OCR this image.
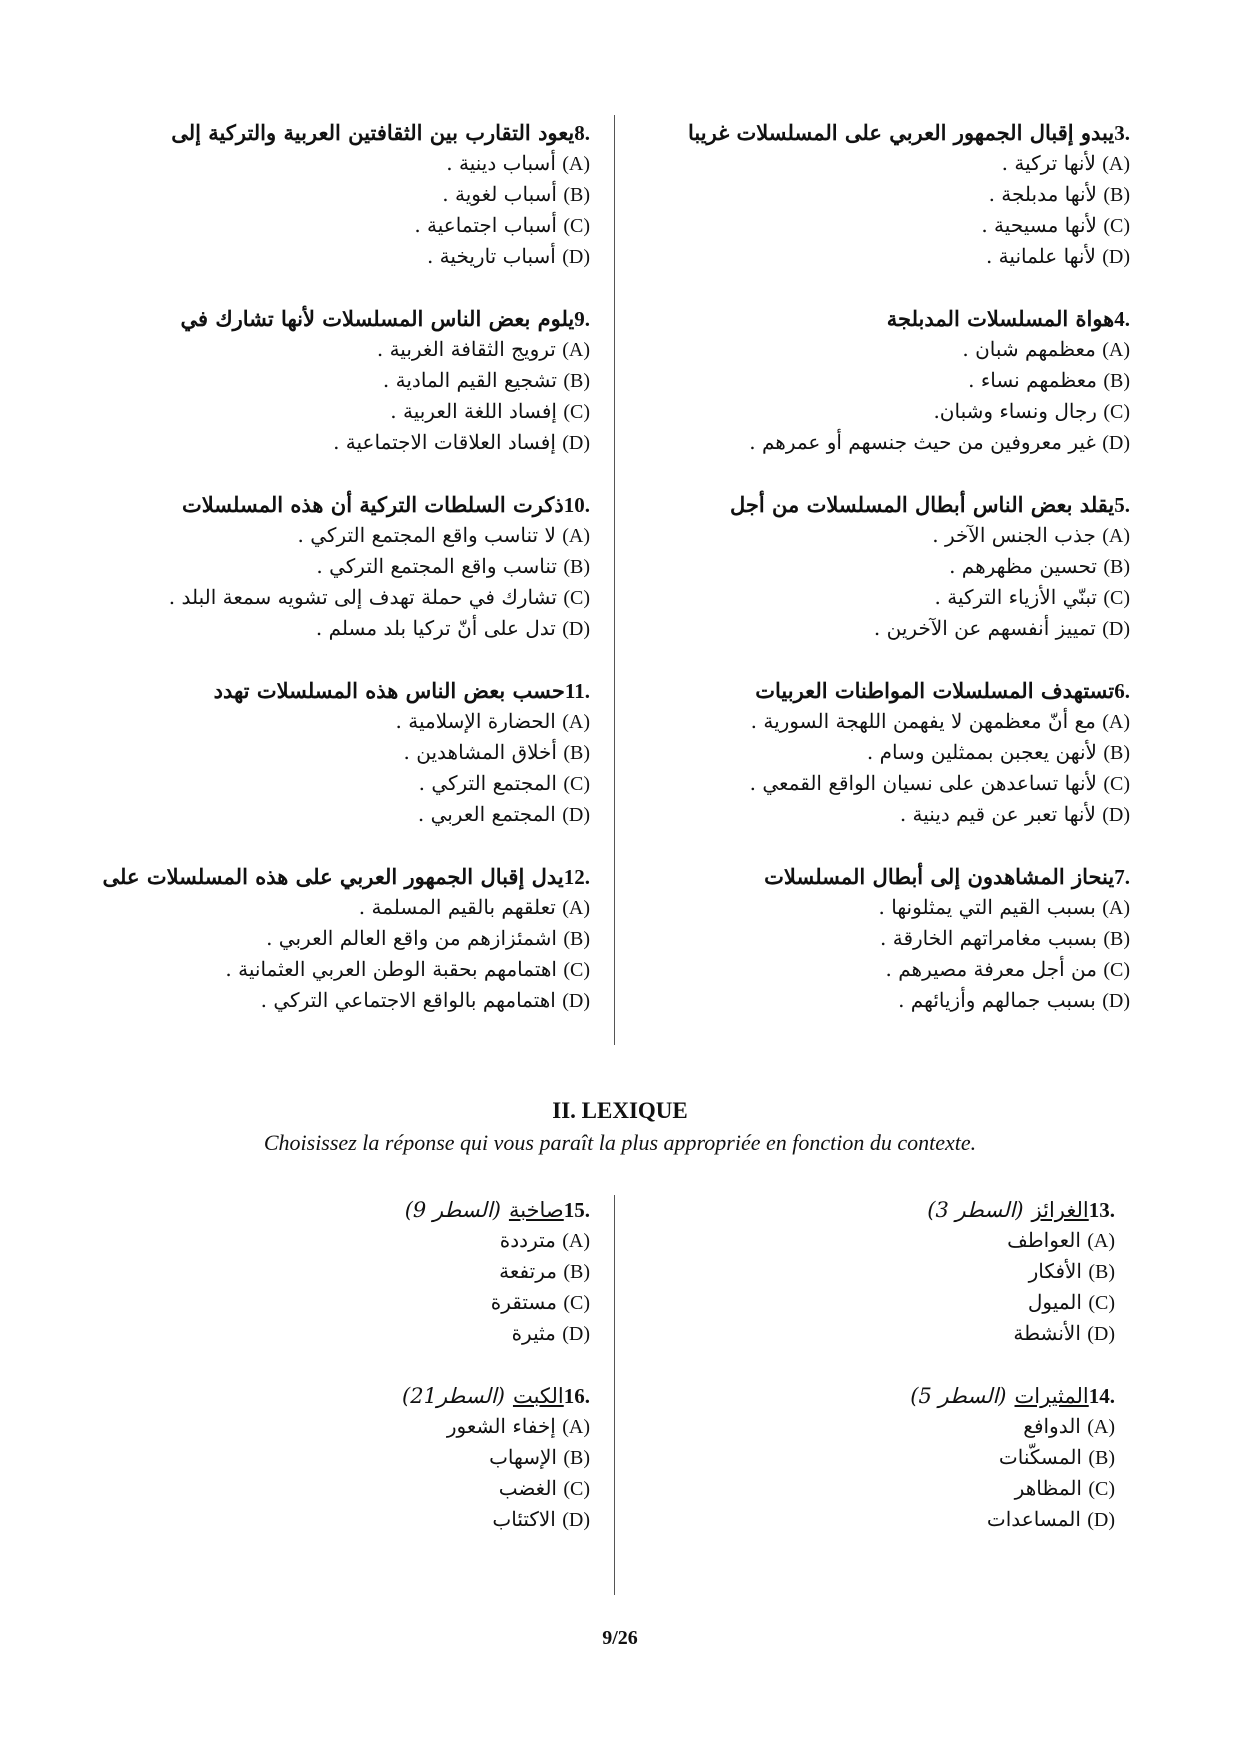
3.يبدو إقبال الجمهور العربي على المسلسلات غريبا
(A) لأنها تركية .
(B) لأنها مدبلجة .
(C) لأنها مسيحية .
(D) لأنها علمانية .
4.هواة المسلسلات المدبلجة
(A) معظمهم شبان .
(B) معظمهم نساء .
(C) رجال ونساء وشبان.
(D) غير معروفين من حيث جنسهم أو عمرهم .
5.يقلد بعض الناس أبطال المسلسلات من أجل
(A) جذب الجنس الآخر .
(B) تحسين مظهرهم .
(C) تبنّي الأزياء التركية .
(D) تمييز أنفسهم عن الآخرين .
6.تستهدف المسلسلات المواطنات العربيات
(A) مع أنّ معظمهن لا يفهمن اللهجة السورية .
(B) لأنهن يعجبن بممثلين وسام .
(C) لأنها تساعدهن على نسيان الواقع القمعي .
(D) لأنها تعبر عن قيم دينية .
7.ينحاز المشاهدون إلى أبطال المسلسلات
(A) بسبب القيم التي يمثلونها .
(B) بسبب مغامراتهم الخارقة .
(C) من أجل معرفة مصيرهم .
(D) بسبب جمالهم وأزيائهم .
8.يعود التقارب بين الثقافتين العربية والتركية إلى
(A) أسباب دينية .
(B) أسباب لغوية .
(C) أسباب اجتماعية .
(D) أسباب تاريخية .
9.يلوم بعض الناس المسلسلات لأنها تشارك في
(A) ترويج الثقافة الغربية .
(B) تشجيع القيم المادية .
(C) إفساد اللغة العربية .
(D) إفساد العلاقات الاجتماعية .
10.ذكرت السلطات التركية أن هذه المسلسلات
(A) لا تناسب واقع المجتمع التركي .
(B) تناسب واقع المجتمع التركي .
(C) تشارك في حملة تهدف إلى تشويه سمعة البلد .
(D) تدل على أنّ تركيا بلد مسلم .
11.حسب بعض الناس هذه المسلسلات تهدد
(A) الحضارة الإسلامية .
(B) أخلاق المشاهدين .
(C) المجتمع التركي .
(D) المجتمع العربي .
12.يدل إقبال الجمهور العربي على هذه المسلسلات على
(A) تعلقهم بالقيم المسلمة .
(B) اشمئزازهم من واقع العالم العربي .
(C) اهتمامهم بحقبة الوطن العربي العثمانية .
(D) اهتمامهم بالواقع الاجتماعي التركي .
II. LEXIQUE
Choisissez la réponse qui vous paraît la plus appropriée en fonction du contexte.
13.الغرائز(السطر 3)
(A) العواطف
(B) الأفكار
(C) الميول
(D) الأنشطة
14.المثيرات(السطر 5)
(A) الدوافع
(B) المسكّنات
(C) المظاهر
(D) المساعدات
15.صاخبة(السطر 9)
(A) مترددة
(B) مرتفعة
(C) مستقرة
(D) مثيرة
16.الكبت(السطر21)
(A) إخفاء الشعور
(B) الإسهاب
(C) الغضب
(D) الاكتئاب
9/26
